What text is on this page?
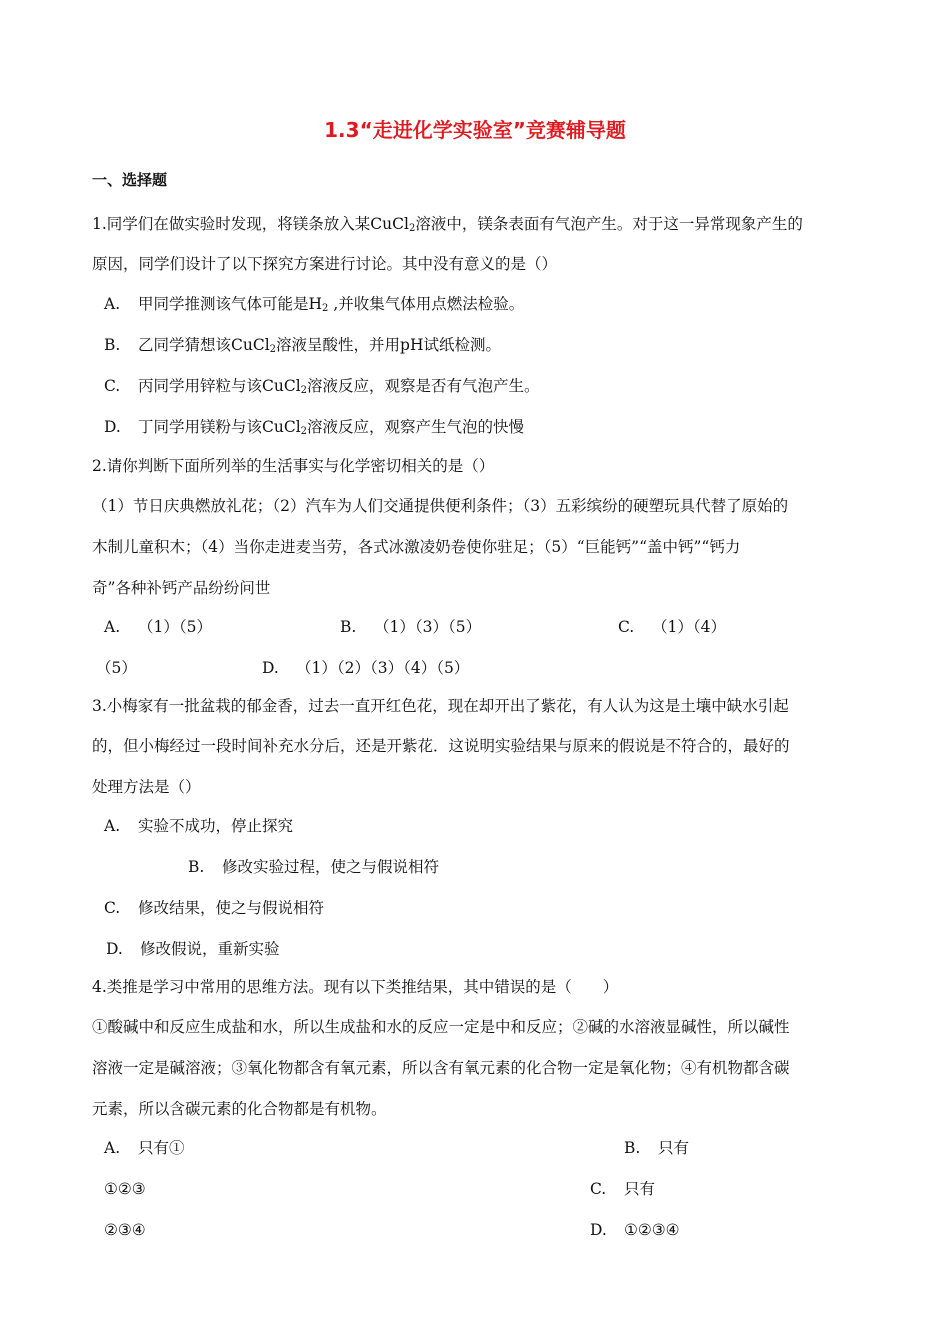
1.3“走进化学实验室”竞赛辅导题
一、选择题
1.同学们在做实验时发现，将镁条放入某CuCl$_2$溶液中，镁条表面有气泡产生。对于这一异常现象产生的
原因，同学们设计了以下探究方案进行讨论。其中没有意义的是（）
A. 甲同学推测该气体可能是$H_2$ ,并收集气体用点燃法检验。
B. 乙同学猜想该CuCl$_2$溶液呈酸性，并用pH试纸检测。
C. 丙同学用锌粒与该CuCl$_2$溶液反应，观察是否有气泡产生。
D. 丁同学用镁粉与该CuCl$_2$溶液反应，观察产生气泡的快慢
2.请你判断下面所列举的生活事实与化学密切相关的是（）
（1）节日庆典燃放礼花；（2）汽车为人们交通提供便利条件；（3）五彩缤纷的硬塑玩具代替了原始的
木制儿童积木；（4）当你走进麦当劳，各式冰激凌奶卷使你驻足；（5）“巨能钙”“盖中钙”“钙力
奇”各种补钙产品纷纷问世
A. （1）（5）	B. （1）（3）（5）	C. （1）（4）
（5）	D. （1）（2）（3）（4）（5）
3.小梅家有一批盆栽的郁金香，过去一直开红色花，现在却开出了紫花，有人认为这是土壤中缺水引起
的，但小梅经过一段时间补充水分后，还是开紫花．这说明实验结果与原来的假说是不符合的，最好的
处理方法是（）
A. 实验不成功，停止探究
B. 修改实验过程，使之与假说相符
C. 修改结果，使之与假说相符
D. 修改假说，重新实验
4.类推是学习中常用的思维方法。现有以下类推结果，其中错误的是（　　）
①酸碱中和反应生成盐和水，所以生成盐和水的反应一定是中和反应；②碱的水溶液显碱性，所以碱性
溶液一定是碱溶液；③氧化物都含有氧元素，所以含有氧元素的化合物一定是氧化物；④有机物都含碳
元素，所以含碳元素的化合物都是有机物。
A. 只有①	B. 只有
①②③	C. 只有
②③④	D. ①②③④
